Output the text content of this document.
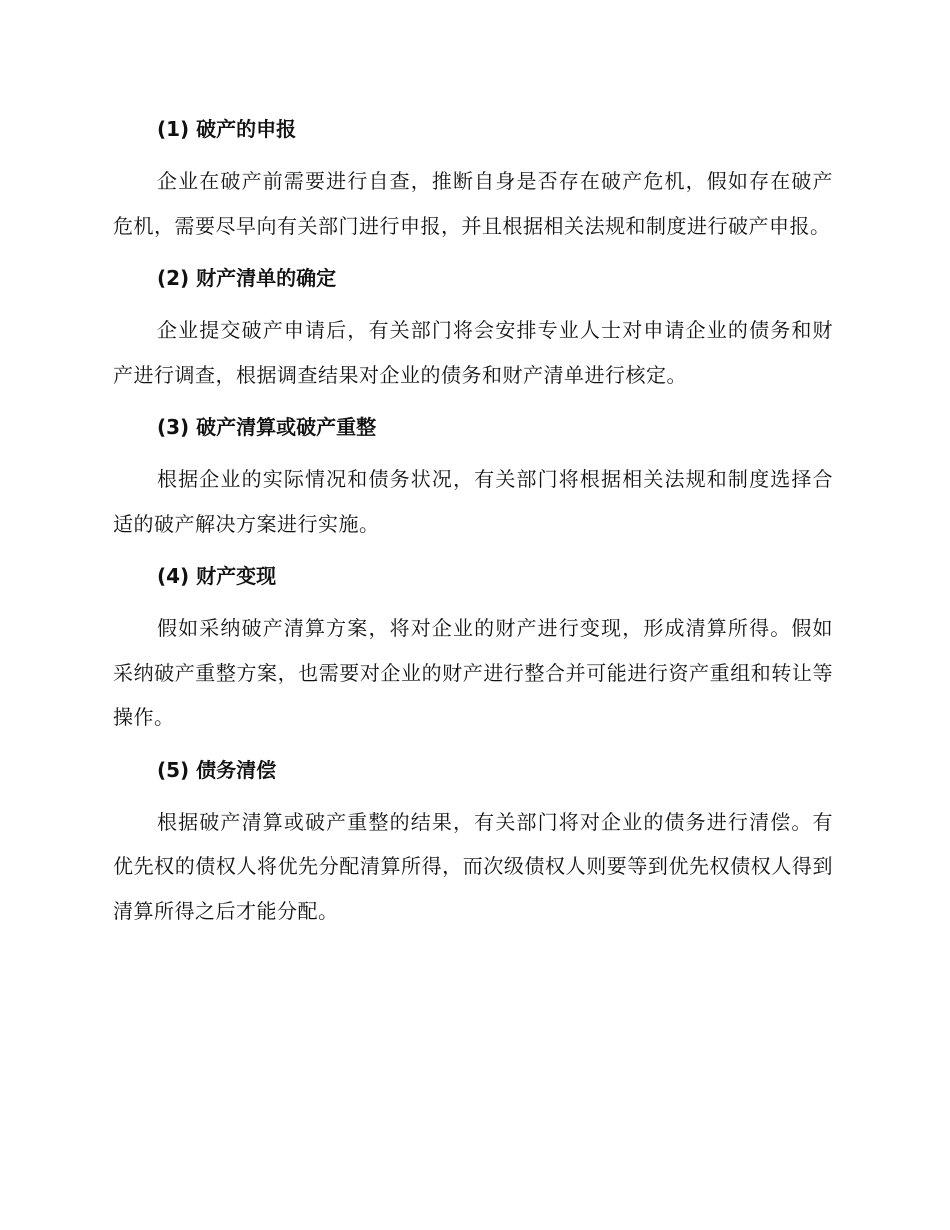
(1) 破产的申报

企业在破产前需要进行自查，推断自身是否存在破产危机，假如存在破产危机，需要尽早向有关部门进行申报，并且根据相关法规和制度进行破产申报。

(2) 财产清单的确定

企业提交破产申请后，有关部门将会安排专业人士对申请企业的债务和财产进行调查，根据调查结果对企业的债务和财产清单进行核定。

(3) 破产清算或破产重整

根据企业的实际情况和债务状况，有关部门将根据相关法规和制度选择合适的破产解决方案进行实施。

(4) 财产变现

假如采纳破产清算方案，将对企业的财产进行变现，形成清算所得。假如采纳破产重整方案，也需要对企业的财产进行整合并可能进行资产重组和转让等操作。

(5) 债务清偿

根据破产清算或破产重整的结果，有关部门将对企业的债务进行清偿。有优先权的债权人将优先分配清算所得，而次级债权人则要等到优先权债权人得到清算所得之后才能分配。
